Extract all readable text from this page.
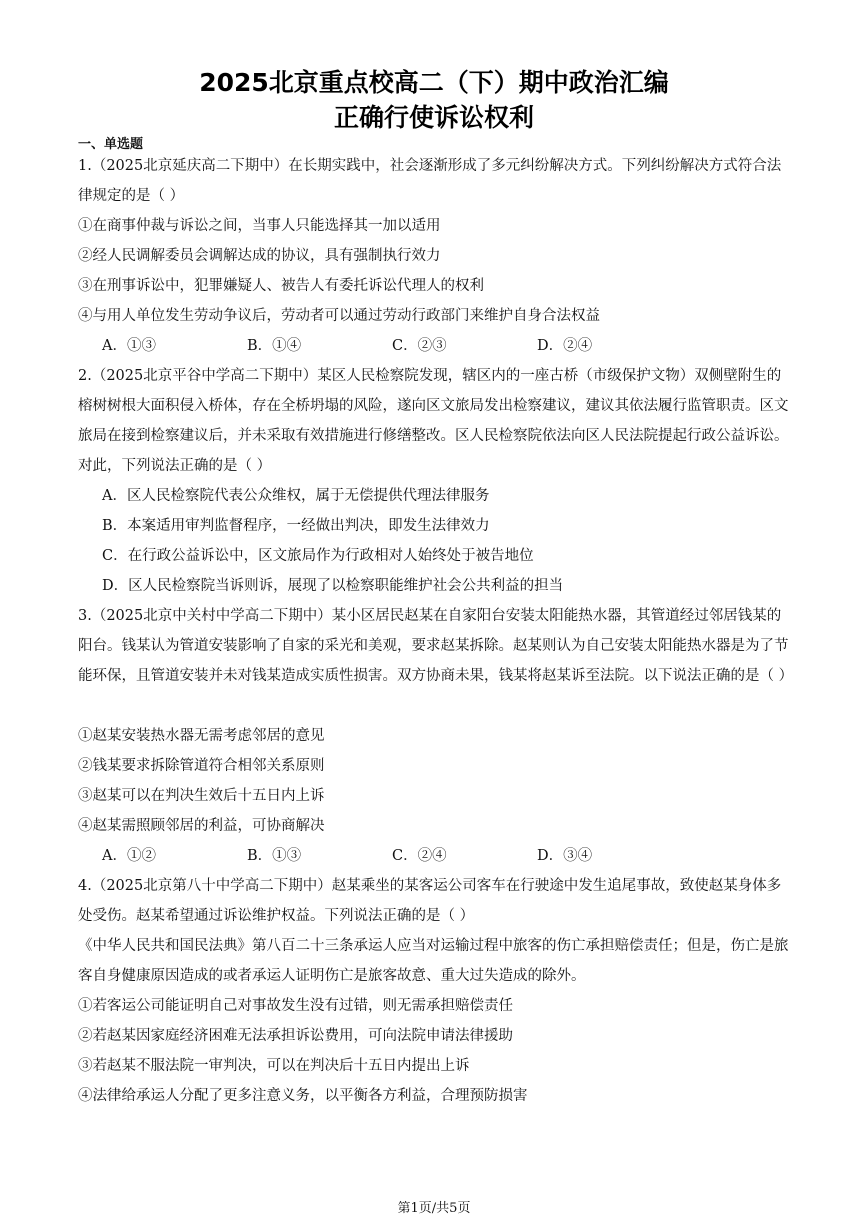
2025北京重点校高二（下）期中政治汇编
正确行使诉讼权利
一、单选题
1.（2025北京延庆高二下期中）在长期实践中，社会逐渐形成了多元纠纷解决方式。下列纠纷解决方式符合法律规定的是（ ）
①在商事仲裁与诉讼之间，当事人只能选择其一加以适用
②经人民调解委员会调解达成的协议，具有强制执行效力
③在刑事诉讼中，犯罪嫌疑人、被告人有委托诉讼代理人的权利
④与用人单位发生劳动争议后，劳动者可以通过劳动行政部门来维护自身合法权益
A．①③	B．①④	C．②③	D．②④
2.（2025北京平谷中学高二下期中）某区人民检察院发现，辖区内的一座古桥（市级保护文物）双侧壁附生的榕树树根大面积侵入桥体，存在全桥坍塌的风险，遂向区文旅局发出检察建议，建议其依法履行监管职责。区文旅局在接到检察建议后，并未采取有效措施进行修缮整改。区人民检察院依法向区人民法院提起行政公益诉讼。对此，下列说法正确的是（ ）
A．区人民检察院代表公众维权，属于无偿提供代理法律服务
B．本案适用审判监督程序，一经做出判决，即发生法律效力
C．在行政公益诉讼中，区文旅局作为行政相对人始终处于被告地位
D．区人民检察院当诉则诉，展现了以检察职能维护社会公共利益的担当
3.（2025北京中关村中学高二下期中）某小区居民赵某在自家阳台安装太阳能热水器，其管道经过邻居钱某的阳台。钱某认为管道安装影响了自家的采光和美观，要求赵某拆除。赵某则认为自己安装太阳能热水器是为了节能环保，且管道安装并未对钱某造成实质性损害。双方协商未果，钱某将赵某诉至法院。以下说法正确的是（ ）
①赵某安装热水器无需考虑邻居的意见
②钱某要求拆除管道符合相邻关系原则
③赵某可以在判决生效后十五日内上诉
④赵某需照顾邻居的利益，可协商解决
A．①②	B．①③	C．②④	D．③④
4.（2025北京第八十中学高二下期中）赵某乘坐的某客运公司客车在行驶途中发生追尾事故，致使赵某身体多处受伤。赵某希望通过诉讼维护权益。下列说法正确的是（ ）
《中华人民共和国民法典》第八百二十三条承运人应当对运输过程中旅客的伤亡承担赔偿责任；但是，伤亡是旅客自身健康原因造成的或者承运人证明伤亡是旅客故意、重大过失造成的除外。
①若客运公司能证明自己对事故发生没有过错，则无需承担赔偿责任
②若赵某因家庭经济困难无法承担诉讼费用，可向法院申请法律援助
③若赵某不服法院一审判决，可以在判决后十五日内提出上诉
④法律给承运人分配了更多注意义务，以平衡各方利益，合理预防损害
第1页/共5页
